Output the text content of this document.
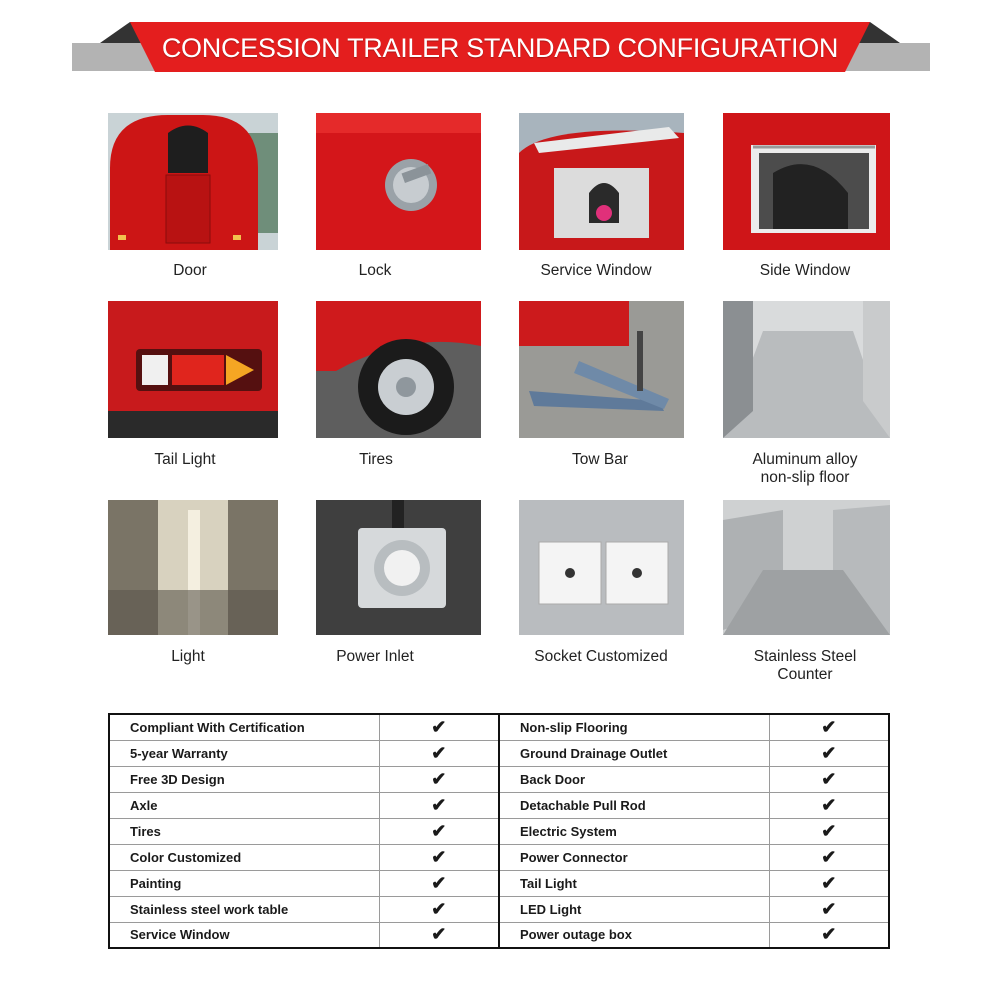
CONCESSION TRAILER STANDARD CONFIGURATION
Door	Lock	Service Window	Side Window
Tail Light	Tires	Tow Bar	Aluminum alloy
non-slip floor
Light	Power Inlet	Socket Customized	Stainless Steel
Counter
Compliant With Certification	✔	Non-slip Flooring	✔
5-year Warranty	✔	Ground Drainage Outlet	✔
Free 3D Design	✔	Back Door	✔
Axle	✔	Detachable Pull Rod	✔
Tires	✔	Electric System	✔
Color Customized	✔	Power Connector	✔
Painting	✔	Tail Light	✔
Stainless steel work table	✔	LED Light	✔
Service Window	✔	Power outage box	✔
